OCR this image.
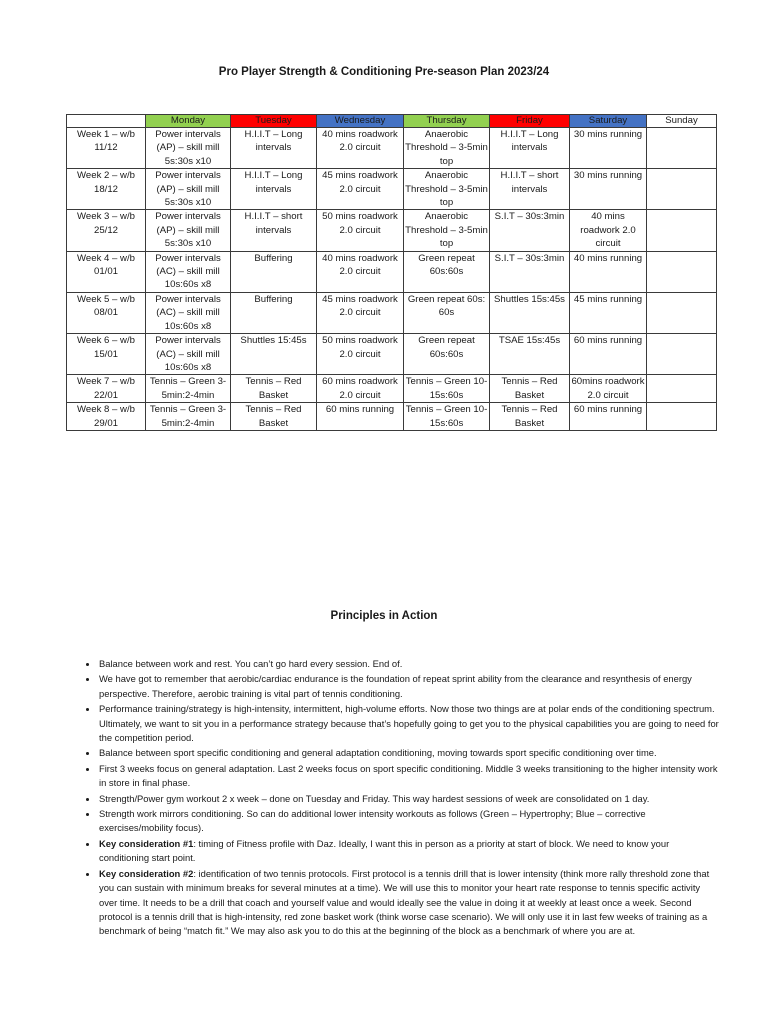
Pro Player Strength & Conditioning Pre-season Plan 2023/24
	Monday	Tuesday	Wednesday	Thursday	Friday	Saturday	Sunday
Week 1 – w/b 11/12	Power intervals (AP) – skill mill 5s:30s x10	H.I.I.T – Long intervals	40 mins roadwork 2.0 circuit	Anaerobic Threshold – 3-5min top	H.I.I.T – Long intervals	30 mins running	
Week 2 – w/b 18/12	Power intervals (AP) – skill mill 5s:30s x10	H.I.I.T – Long intervals	45 mins roadwork 2.0 circuit	Anaerobic Threshold – 3-5min top	H.I.I.T – short intervals	30 mins running	
Week 3 – w/b 25/12	Power intervals (AP) – skill mill 5s:30s x10	H.I.I.T – short intervals	50 mins roadwork 2.0 circuit	Anaerobic Threshold – 3-5min top	S.I.T – 30s:3min	40 mins roadwork 2.0 circuit	
Week 4 – w/b 01/01	Power intervals (AC) – skill mill 10s:60s x8	Buffering	40 mins roadwork 2.0 circuit	Green repeat 60s:60s	S.I.T – 30s:3min	40 mins running	
Week 5 – w/b 08/01	Power intervals (AC) – skill mill 10s:60s x8	Buffering	45 mins roadwork 2.0 circuit	Green repeat 60s: 60s	Shuttles 15s:45s	45 mins running	
Week 6 – w/b 15/01	Power intervals (AC) – skill mill 10s:60s x8	Shuttles 15:45s	50 mins roadwork 2.0 circuit	Green repeat 60s:60s	TSAE 15s:45s	60 mins running	
Week 7 – w/b 22/01	Tennis – Green 3-5min:2-4min	Tennis – Red Basket	60 mins roadwork 2.0 circuit	Tennis – Green 10-15s:60s	Tennis – Red Basket	60mins roadwork 2.0 circuit	
Week 8 – w/b 29/01	Tennis – Green 3-5min:2-4min	Tennis – Red Basket	60 mins running	Tennis – Green 10-15s:60s	Tennis – Red Basket	60 mins running	
Principles in Action
• Balance between work and rest. You can’t go hard every session. End of.
• We have got to remember that aerobic/cardiac endurance is the foundation of repeat sprint ability from the clearance and resynthesis of energy perspective. Therefore, aerobic training is vital part of tennis conditioning.
• Performance training/strategy is high-intensity, intermittent, high-volume efforts. Now those two things are at polar ends of the conditioning spectrum. Ultimately, we want to sit you in a performance strategy because that’s hopefully going to get you to the physical capabilities you are going to need for the competition period.
• Balance between sport specific conditioning and general adaptation conditioning, moving towards sport specific conditioning over time.
• First 3 weeks focus on general adaptation. Last 2 weeks focus on sport specific conditioning. Middle 3 weeks transitioning to the higher intensity work in store in final phase.
• Strength/Power gym workout 2 x week – done on Tuesday and Friday. This way hardest sessions of week are consolidated on 1 day.
• Strength work mirrors conditioning. So can do additional lower intensity workouts as follows (Green – Hypertrophy; Blue – corrective exercises/mobility focus).
• Key consideration #1: timing of Fitness profile with Daz. Ideally, I want this in person as a priority at start of block. We need to know your conditioning start point.
• Key consideration #2: identification of two tennis protocols. First protocol is a tennis drill that is lower intensity (think more rally threshold zone that you can sustain with minimum breaks for several minutes at a time). We will use this to monitor your heart rate response to tennis specific activity over time. It needs to be a drill that coach and yourself value and would ideally see the value in doing it at weekly at least once a week. Second protocol is a tennis drill that is high-intensity, red zone basket work (think worse case scenario). We will only use it in last few weeks of training as a benchmark of being “match fit.” We may also ask you to do this at the beginning of the block as a benchmark of where you are at.
